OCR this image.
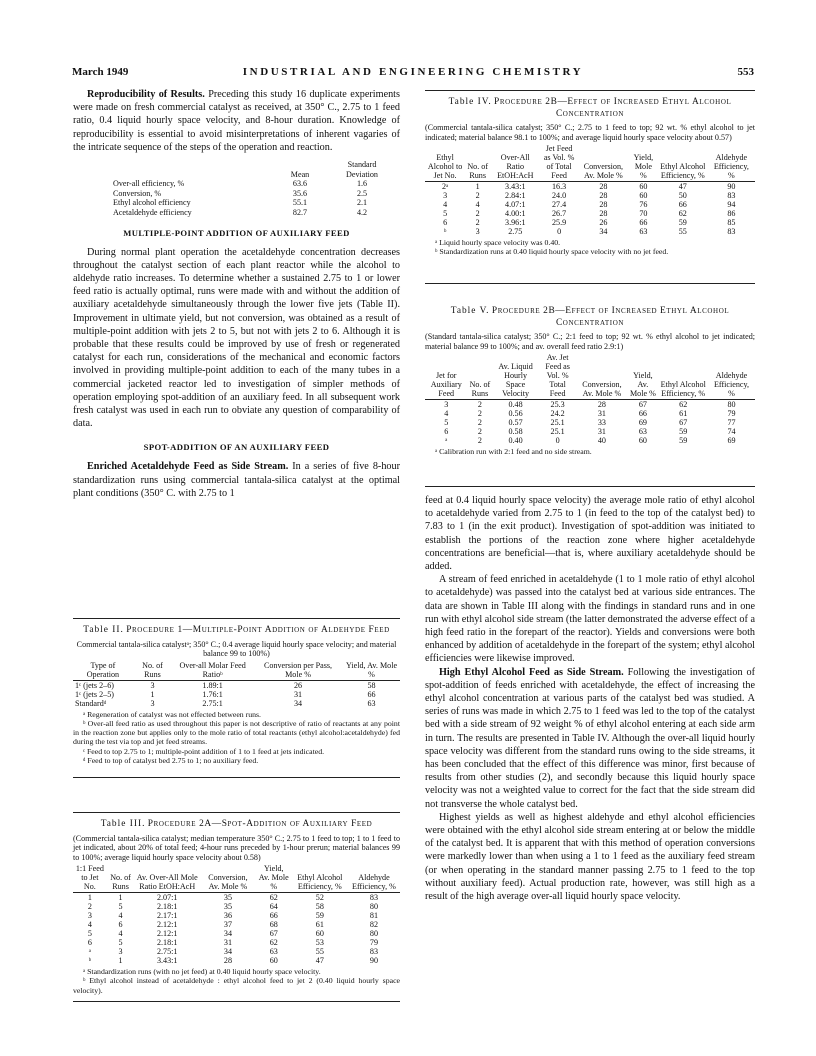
March 1949	INDUSTRIAL AND ENGINEERING CHEMISTRY	553

Reproducibility of Results. Preceding this study 16 duplicate experiments were made on fresh commercial catalyst as received, at 350° C., 2.75 to 1 feed ratio, 0.4 liquid hourly space velocity, and 8-hour duration. Knowledge of reproducibility is essential to avoid misinterpretations of inherent vagaries of the intricate sequence of the steps of the operation and reaction.

	Mean	Standard Deviation
Over-all efficiency, %	63.6	1.6
Conversion, %	35.6	2.5
Ethyl alcohol efficiency	55.1	2.1
Acetaldehyde efficiency	82.7	4.2
MULTIPLE-POINT ADDITION OF AUXILIARY FEED

During normal plant operation the acetaldehyde concentration decreases throughout the catalyst section of each plant reactor while the alcohol to aldehyde ratio increases. To determine whether a sustained 2.75 to 1 or lower feed ratio is actually optimal, runs were made with and without the addition of auxiliary acetaldehyde simultaneously through the lower five jets (Table II). Improvement in ultimate yield, but not conversion, was obtained as a result of multiple-point addition with jets 2 to 5, but not with jets 2 to 6. Although it is probable that these results could be improved by use of fresh or regenerated catalyst for each run, considerations of the mechanical and economic factors involved in providing multiple-point addition to each of the many tubes in a commercial jacketed reactor led to investigation of simpler methods of operation employing spot-addition of an auxiliary feed. In all subsequent work fresh catalyst was used in each run to obviate any question of comparability of data.

SPOT-ADDITION OF AN AUXILIARY FEED

Enriched Acetaldehyde Feed as Side Stream. In a series of five 8-hour standardization runs using commercial tantala-silica catalyst at the optimal plant conditions (350° C. with 2.75 to 1

Table II. Procedure 1—Multiple-Point Addition of Aldehyde Feed
Commercial tantala-silica catalystᵃ; 350° C.; 0.4 average liquid hourly space velocity; and material balance 99 to 100%)
Type of Operation	No. of Runs	Over-all Molar Feed Ratioᵇ	Conversion per Pass, Mole %	Yield, Av. Mole %
1ᶜ (jets 2–6)	3	1.89:1	26	58
1ᶜ (jets 2–5)	1	1.76:1	31	66
Standardᵈ	3	2.75:1	34	63
ᵃ Regeneration of catalyst was not effected between runs.
ᵇ Over-all feed ratio as used throughout this paper is not descriptive of ratio of reactants at any point in the reaction zone but applies only to the mole ratio of total reactants (ethyl alcohol:acetaldehyde) fed during the test via top and jet feed streams.
ᶜ Feed to top 2.75 to 1; multiple-point addition of 1 to 1 feed at jets indicated.
ᵈ Feed to top of catalyst bed 2.75 to 1; no auxiliary feed.
Table III. Procedure 2A—Spot-Addition of Auxiliary Feed
(Commercial tantala-silica catalyst; median temperature 350° C.; 2.75 to 1 feed to top; 1 to 1 feed to jet indicated, about 20% of total feed; 4-hour runs preceded by 1-hour prerun; material balances 99 to 100%; average liquid hourly space velocity about 0.58)
1:1 Feed to Jet No.	No. of Runs	Av. Over-All Mole Ratio EtOH:AcH	Conversion, Av. Mole %	Yield, Av. Mole %	Ethyl Alcohol Efficiency, %	Aldehyde Efficiency, %
1	1	2.07:1	35	62	52	83
2	5	2.18:1	35	64	58	80
3	4	2.17:1	36	66	59	81
4	6	2.12:1	37	68	61	82
5	4	2.12:1	34	67	60	80
6	5	2.18:1	31	62	53	79
ᵃ	3	2.75:1	34	63	55	83
ᵇ	1	3.43:1	28	60	47	90
ᵃ Standardization runs (with no jet feed) at 0.40 liquid hourly space velocity.
ᵇ Ethyl alcohol instead of acetaldehyde : ethyl alcohol feed to jet 2 (0.40 liquid hourly space velocity).
Table IV. Procedure 2B—Effect of Increased Ethyl Alcohol Concentration
(Commercial tantala-silica catalyst; 350° C.; 2.75 to 1 feed to top; 92 wt. % ethyl alcohol to jet indicated; material balance 98.1 to 100%; and average liquid hourly space velocity about 0.57)
Ethyl Alcohol to Jet No.	No. of Runs	Over-All Ratio EtOH:AcH	Jet Feed as Vol. % of Total Feed	Conversion, Av. Mole %	Yield, Mole %	Ethyl Alcohol Efficiency, %	Aldehyde Efficiency, %
2ᵃ	1	3.43:1	16.3	28	60	47	90
3	2	2.84:1	24.0	28	60	50	83
4	4	4.07:1	27.4	28	76	66	94
5	2	4.00:1	26.7	28	70	62	86
6	2	3.96:1	25.9	26	66	59	85
ᵇ	3	2.75	0	34	63	55	83
ᵃ Liquid hourly space velocity was 0.40.
ᵇ Standardization runs at 0.40 liquid hourly space velocity with no jet feed.
Table V. Procedure 2B—Effect of Increased Ethyl Alcohol Concentration
(Standard tantala-silica catalyst; 350° C.; 2:1 feed to top; 92 wt. % ethyl alcohol to jet indicated; material balance 99 to 100%; and av. overall feed ratio 2.9:1)
Jet for Auxiliary Feed	No. of Runs	Av. Liquid Hourly Space Velocity	Av. Jet Feed as Vol. % Total Feed	Conversion, Av. Mole %	Yield, Av. Mole %	Ethyl Alcohol Efficiency, %	Aldehyde Efficiency, %
3	2	0.48	25.3	28	67	62	80
4	2	0.56	24.2	31	66	61	79
5	2	0.57	25.1	33	69	67	77
6	2	0.58	25.1	31	63	59	74
ᵃ	2	0.40	0	40	60	59	69
ᵃ Calibration run with 2:1 feed and no side stream.

feed at 0.4 liquid hourly space velocity) the average mole ratio of ethyl alcohol to acetaldehyde varied from 2.75 to 1 (in feed to the top of the catalyst bed) to 7.83 to 1 (in the exit product). Investigation of spot-addition was initiated to establish the portions of the reaction zone where higher acetaldehyde concentrations are beneficial—that is, where auxiliary acetaldehyde should be added.

A stream of feed enriched in acetaldehyde (1 to 1 mole ratio of ethyl alcohol to acetaldehyde) was passed into the catalyst bed at various side entrances. The data are shown in Table III along with the findings in standard runs and in one run with ethyl alcohol side stream (the latter demonstrated the adverse effect of a high feed ratio in the forepart of the reactor). Yields and conversions were both enhanced by addition of acetaldehyde in the forepart of the system; ethyl alcohol efficiencies were likewise improved.

High Ethyl Alcohol Feed as Side Stream. Following the investigation of spot-addition of feeds enriched with acetaldehyde, the effect of increasing the ethyl alcohol concentration at various parts of the catalyst bed was studied. A series of runs was made in which 2.75 to 1 feed was led to the top of the catalyst bed with a side stream of 92 weight % of ethyl alcohol entering at each side arm in turn. The results are presented in Table IV. Although the over-all liquid hourly space velocity was different from the standard runs owing to the side streams, it has been concluded that the effect of this difference was minor, first because of results from other studies (2), and secondly because this liquid hourly space velocity was not a weighted value to correct for the fact that the side stream did not transverse the whole catalyst bed.

Highest yields as well as highest aldehyde and ethyl alcohol efficiencies were obtained with the ethyl alcohol side stream entering at or below the middle of the catalyst bed. It is apparent that with this method of operation conversions were markedly lower than when using a 1 to 1 feed as the auxiliary feed stream (or when operating in the standard manner passing 2.75 to 1 feed to the top without auxiliary feed). Actual production rate, however, was still high as a result of the high average over-all liquid hourly space velocity.
